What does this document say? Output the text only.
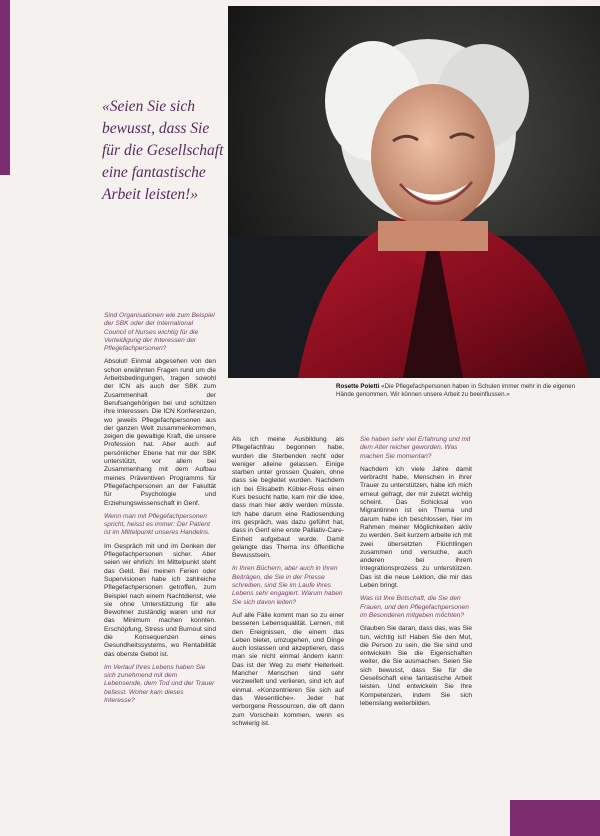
«Seien Sie sich
bewusst, dass Sie
für die Gesellschaft
eine fantastische
Arbeit leisten!»
Rosette Poletti «Die Pflegefachpersonen haben in Schulen immer mehr in die eigenen Hände genommen. Wir können unsere Arbeit zu beeinflussen.»

Sind Organisationen wie zum Beispiel der SBK oder der International Council of Nurses wichtig für die Verteidigung der Interessen der Pflegefachpersonen?

Absolut! Einmal abgesehen von den schon erwähnten Fragen rund um die Arbeitsbedingungen, tragen sowohl der ICN als auch der SBK zum Zusammenhalt der Berufsangehörigen bei und schützen ihre Interessen. Die ICN Konferenzen, wo jeweils Pflegefachpersonen aus der ganzen Welt zusammenkommen, zeigen die gewaltige Kraft, die unsere Profession hat. Aber auch auf persönlicher Ebene hat mir der SBK unterstützt, vor allem bei Zusammenhang mit dem Aufbau meines Präventiven Programms für Pflegefachpersonen an der Fakultät für Psychologie und Erziehungswissenschaft in Genf.

Wenn man mit Pflegefachpersonen spricht, heisst es immer: Der Patient ist im Mittelpunkt unseres Handelns.

Im Gespräch mit und im Denken der Pflegefachpersonen sicher. Aber seien wir ehrlich: Im Mittelpunkt steht das Geld. Bei meinen Ferien oder Supervisionen habe ich zahlreiche Pflegefachpersonen getroffen, zum Beispiel nach einem Nachtdienst, wie sie ohne Unterstützung für alle Bewohner zuständig waren und nur das Minimum machen konnten. Erschöpfung, Stress und Burnout sind die Konsequenzen eines Gesundheitssystems, wo Rentabilität das oberste Gebot ist.

Im Verlauf Ihres Lebens haben Sie sich zunehmend mit dem Lebensende, dem Tod und der Trauer befasst. Woher kam dieses Interesse?

Als ich meine Ausbildung als Pflegefachfrau begonnen habe, wurden die Sterbenden recht oder weniger alleine gelassen. Einige starben unter grossen Qualen, ohne dass sie begleitet wurden. Nachdem ich bei Elisabeth Kübler-Ross einen Kurs besucht hatte, kam mir die Idee, dass man hier aktiv werden müsste. Ich habe darum eine Radiosendung ins gespräch, was dazu geführt hat, dass in Genf eine erste Palliativ-Care-Einheit aufgebaut wurde. Damit gelangte das Thema ins öffentliche Bewusstsein.

In Ihren Büchern, aber auch in Ihren Beiträgen, die Sie in der Presse schreiben, sind Sie im Laufe ihres Lebens sehr engagiert. Warum haben Sie sich davon leiten?

Auf alle Fälle kommt man so zu einer besseren Lebensqualität. Lernen, mit den Ereignissen, die einem das Leben bietet, umzugehen, und Dinge auch loslassen und akzeptieren, dass man sie nicht einmal ändern kann: Das ist der Weg zu mehr Heiterkeit. Mancher Menschen sind sehr verzweifelt und verlieren, sind ich auf einmal. «Konzentrieren Sie sich auf das Wesentliche». Jeder hat verborgene Ressourcen, die oft dann zum Vorschein kommen, wenn es schwierig ist.

Sie haben sehr viel Erfahrung und mit dem Alter reicher geworden. Was machen Sie momentan?

Nachdem ich viele Jahre damit verbracht habe, Menschen in ihrer Trauer zu unterstützen, habe ich mich erneut gefragt, der mir zuletzt wichtig scheint. Das Schicksal von Migrantinnen ist ein Thema und darum habe ich beschlossen, hier im Rahmen meiner Möglichkeiten aktiv zu werden. Seit kurzem arbeite ich mit zwei übersetzten Flüchtlingen zusammen und versuche, auch anderen bei ihrem Integrationsprozess zu unterstützen. Das ist die neue Lektion, die mir das Leben bringt.

Was ist Ihre Botschaft, die Sie den Frauen, und den Pflegefachpersonen im Besonderen mitgeben möchten?

Glauben Sie daran, dass das, was Sie tun, wichtig ist! Haben Sie den Mut, die Person zu sein, die Sie sind und entwickeln Sie die Eigenschaften weiter, die Sie ausmachen. Seien Sie sich bewusst, dass Sie für die Gesellschaft eine fantastische Arbeit leisten. Und entwickeln Sie Ihre Kompetenzen, indem Sie sich lebenslang weiterbilden.
